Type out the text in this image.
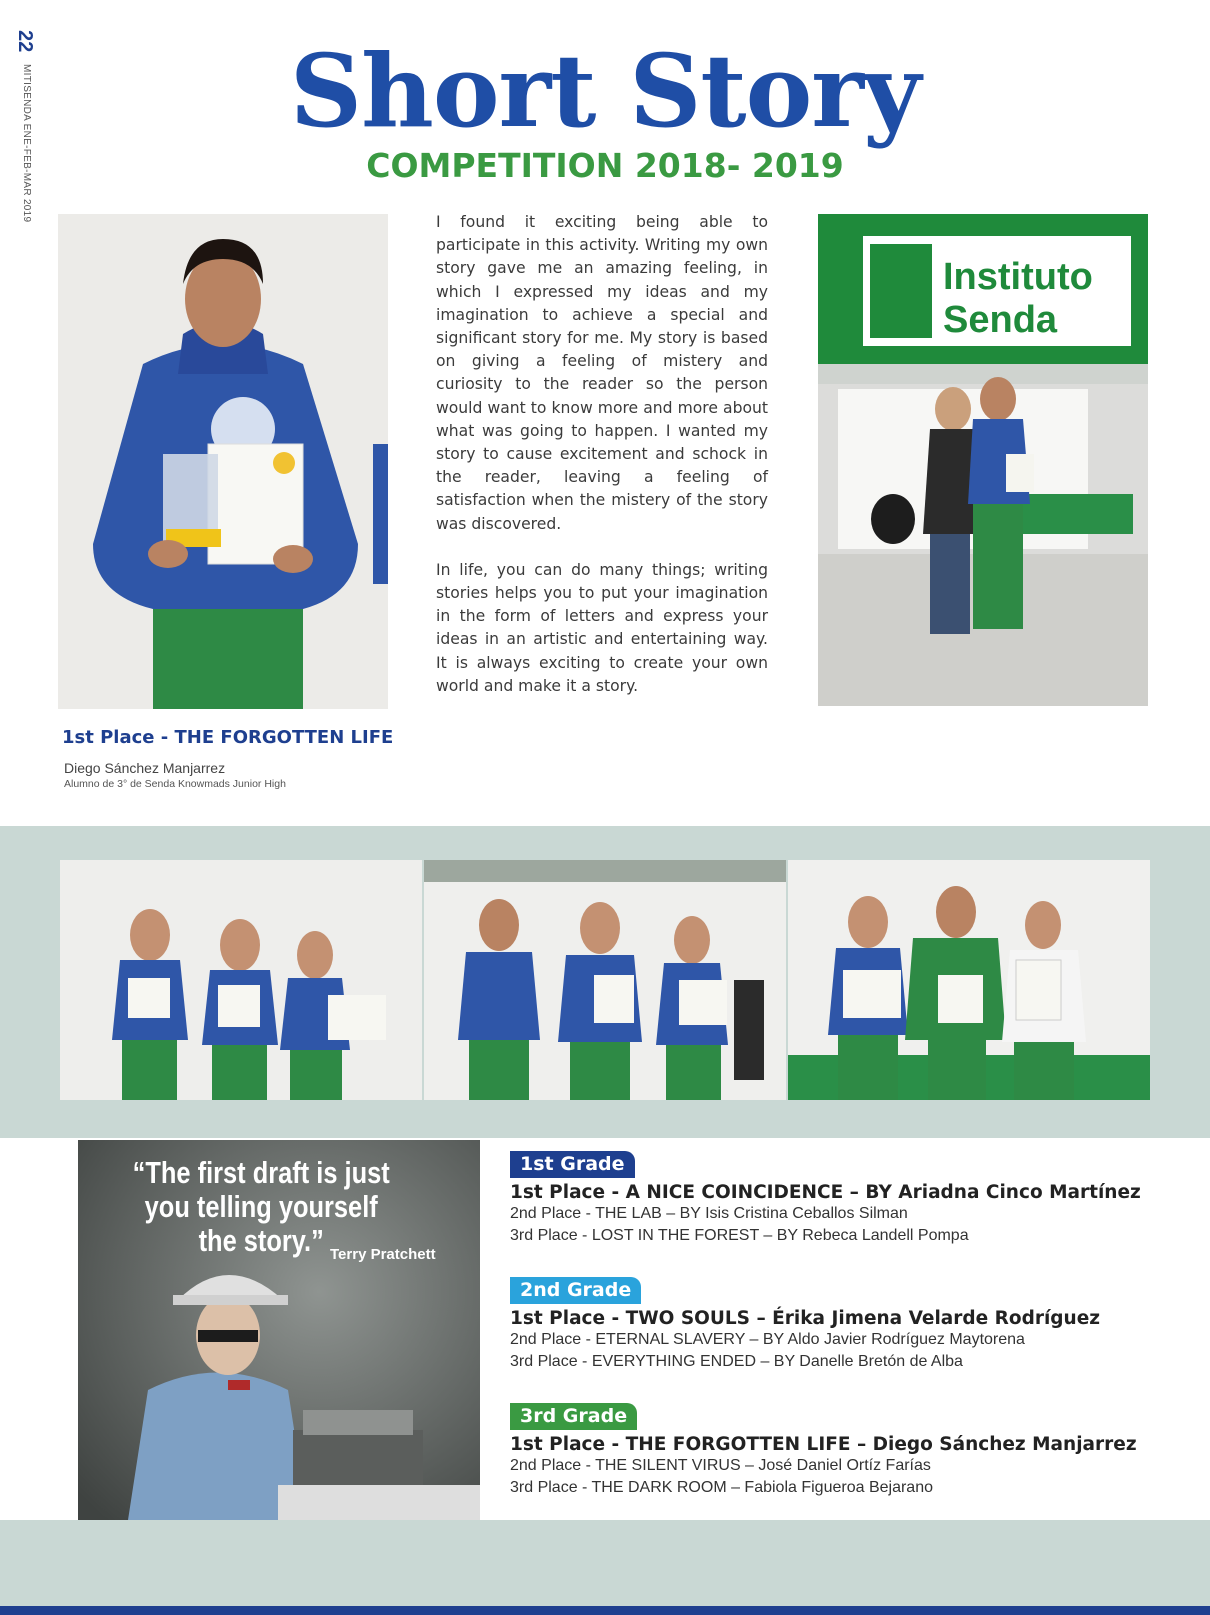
22
MITISENDA ENE-FEB-MAR 2019	Short Story
COMPETITION 2018- 2019
1st Place - THE FORGOTTEN LIFE
Diego Sánchez Manjarrez
Alumno de 3° de Senda Knowmads Junior High

I found it exciting being able to participate in this activity. Writing my own story gave me an amazing feeling, in which I expressed my ideas and my imagination to achieve a special and significant story for me. My story is based on giving a feeling of mistery and curiosity to the reader so the person would want to know more and more about what was going to happen. I wanted my story to cause excitement and schock in the reader, leaving a feeling of satisfaction when the mistery of the story was discovered.

In life, you can do many things; writing stories helps you to put your imagination in the form of letters and express your ideas in an artistic and entertaining way. It is always exciting to create your own world and make it a story.

Instituto
Senda
“The first draft is just you telling yourself the story.” Terry Pratchett
1st Grade
1st Place - A NICE COINCIDENCE – BY Ariadna Cinco Martínez
2nd Place - THE LAB – BY Isis Cristina Ceballos Silman
3rd Place - LOST IN THE FOREST – BY Rebeca Landell Pompa
2nd Grade
1st Place - TWO SOULS – Érika Jimena Velarde Rodríguez
2nd Place - ETERNAL SLAVERY – BY Aldo Javier Rodríguez Maytorena
3rd Place - EVERYTHING ENDED – BY Danelle Bretón de Alba
3rd Grade
1st Place - THE FORGOTTEN LIFE – Diego Sánchez Manjarrez
2nd Place - THE SILENT VIRUS – José Daniel Ortíz Farías
3rd Place - THE DARK ROOM – Fabiola Figueroa Bejarano
